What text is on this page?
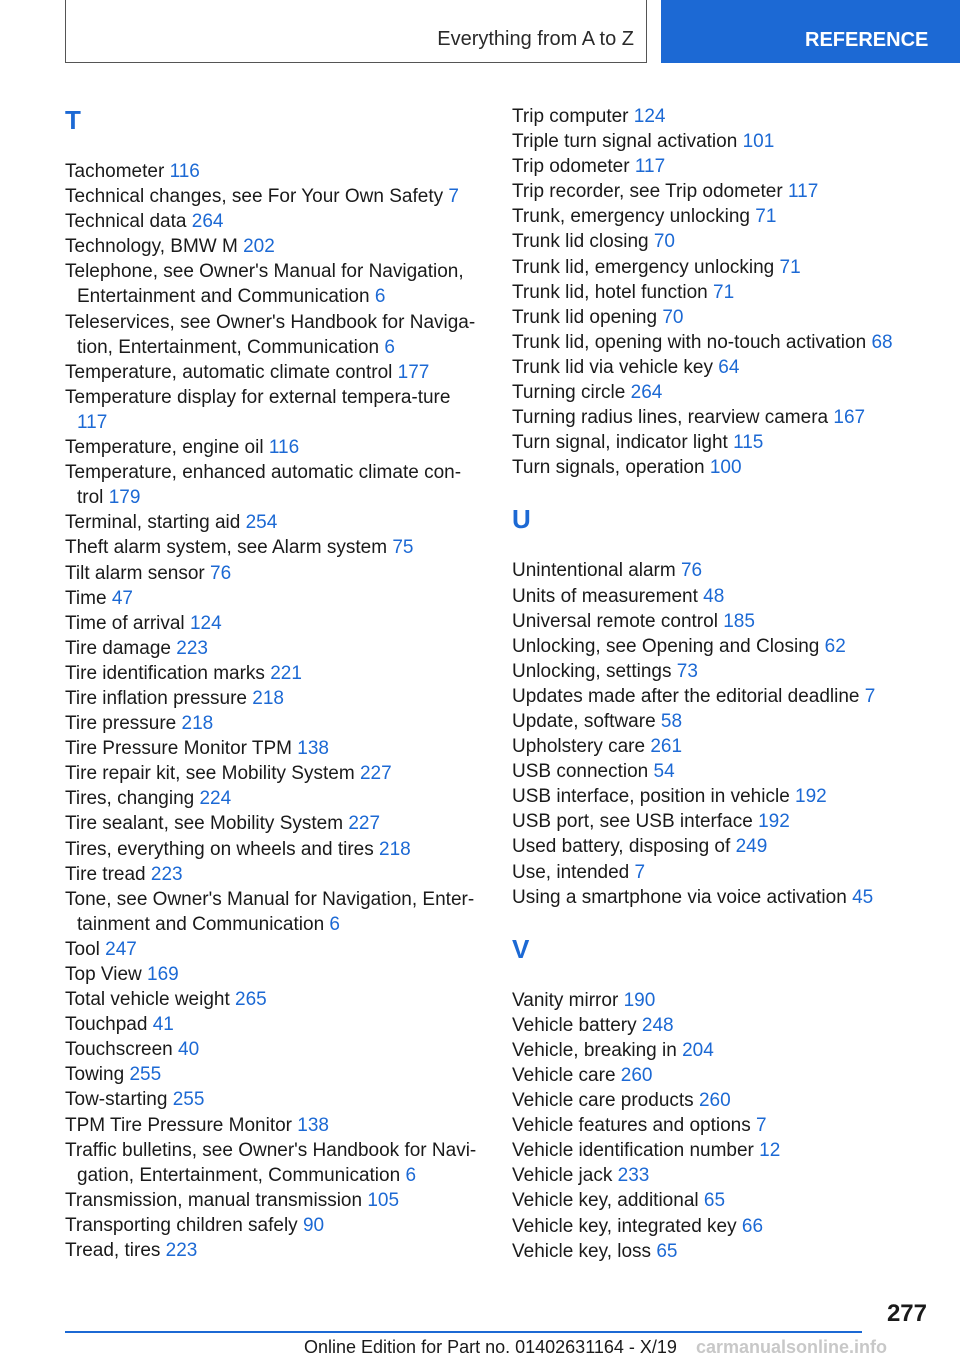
Everything from A to Z	REFERENCE
T
Tachometer 116
Technical changes, see For Your Own Safety 7
Technical data 264
Technology, BMW M 202
Telephone, see Owner's Manual for Navigation, Entertainment and Communication 6
Teleservices, see Owner's Handbook for Naviga‐tion, Entertainment, Communication 6
Temperature, automatic climate control 177
Temperature display for external tempera‐ture 117
Temperature, engine oil 116
Temperature, enhanced automatic climate con‐trol 179
Terminal, starting aid 254
Theft alarm system, see Alarm system 75
Tilt alarm sensor 76
Time 47
Time of arrival 124
Tire damage 223
Tire identification marks 221
Tire inflation pressure 218
Tire pressure 218
Tire Pressure Monitor TPM 138
Tire repair kit, see Mobility System 227
Tires, changing 224
Tire sealant, see Mobility System 227
Tires, everything on wheels and tires 218
Tire tread 223
Tone, see Owner's Manual for Navigation, Enter‐tainment and Communication 6
Tool 247
Top View 169
Total vehicle weight 265
Touchpad 41
Touchscreen 40
Towing 255
Tow-starting 255
TPM Tire Pressure Monitor 138
Traffic bulletins, see Owner's Handbook for Navi‐gation, Entertainment, Communication 6
Transmission, manual transmission 105
Transporting children safely 90
Tread, tires 223
Trip computer 124
Triple turn signal activation 101
Trip odometer 117
Trip recorder, see Trip odometer 117
Trunk, emergency unlocking 71
Trunk lid closing 70
Trunk lid, emergency unlocking 71
Trunk lid, hotel function 71
Trunk lid opening 70
Trunk lid, opening with no-touch activation 68
Trunk lid via vehicle key 64
Turning circle 264
Turning radius lines, rearview camera 167
Turn signal, indicator light 115
Turn signals, operation 100
U
Unintentional alarm 76
Units of measurement 48
Universal remote control 185
Unlocking, see Opening and Closing 62
Unlocking, settings 73
Updates made after the editorial deadline 7
Update, software 58
Upholstery care 261
USB connection 54
USB interface, position in vehicle 192
USB port, see USB interface 192
Used battery, disposing of 249
Use, intended 7
Using a smartphone via voice activation 45
V
Vanity mirror 190
Vehicle battery 248
Vehicle, breaking in 204
Vehicle care 260
Vehicle care products 260
Vehicle features and options 7
Vehicle identification number 12
Vehicle jack 233
Vehicle key, additional 65
Vehicle key, integrated key 66
Vehicle key, loss 65
277
Online Edition for Part no. 01402631164 - X/19 carmanualsonline.info
